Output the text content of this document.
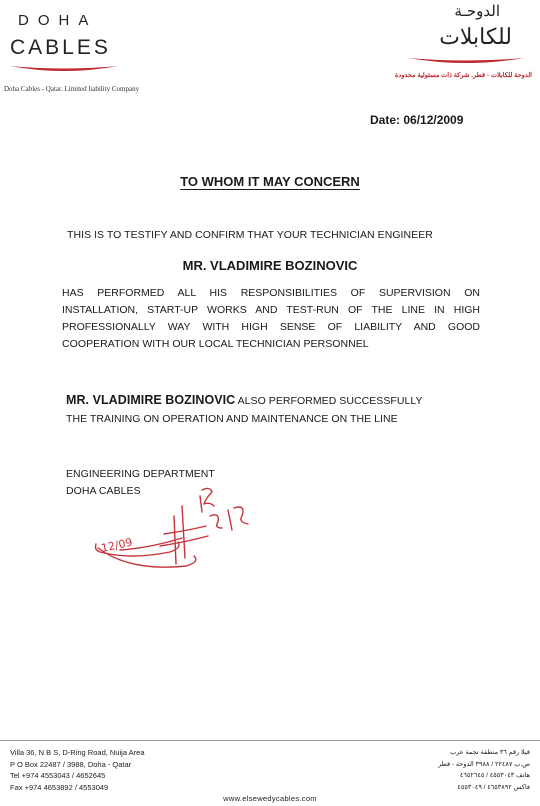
DOHA
CABLES
Doha Cables - Qatar. Limited liability Company
الدوحـة
للكابلات
الدوحة للكابلات - قطر. شركة ذات مسئولية محدودة
Date: 06/12/2009
TO WHOM IT MAY CONCERN
THIS IS TO TESTIFY AND CONFIRM THAT YOUR TECHNICIAN ENGINEER
MR. VLADIMIRE BOZINOVIC
HAS PERFORMED ALL HIS RESPONSIBILITIES OF SUPERVISION ON
INSTALLATION, START-UP WORKS AND TEST-RUN OF THE LINE IN HIGH
PROFESSIONALLY WAY WITH HIGH SENSE OF LIABILITY AND GOOD
COOPERATION WITH OUR LOCAL TECHNICIAN PERSONNEL
MR. VLADIMIRE BOZINOVIC ALSO PERFORMED SUCCESSFULLY
THE TRAINING ON OPERATION AND MAINTENANCE ON THE LINE
ENGINEERING DEPARTMENT
DOHA CABLES
12/09
Villa 36, N B S, D-Ring Road, Nuija Area
P O Box 22487 / 3988, Doha - Qatar
Tel +974 4553043 / 4652645
Fax +974 4653892 / 4553049
فيلا رقم ٣٦ منطقة نجمة عرب
ص.ب ٢٢٤٨٧ / ٣٩٨٨ الدوحة - قطر
هاتف ٤٥٥٣٠٤٣ / ٤٦٥٢٦٤٥
فاكس ٤٦٥٣٨٩٢ / ٤٥٥٣٠٤٩
www.elsewedycables.com
